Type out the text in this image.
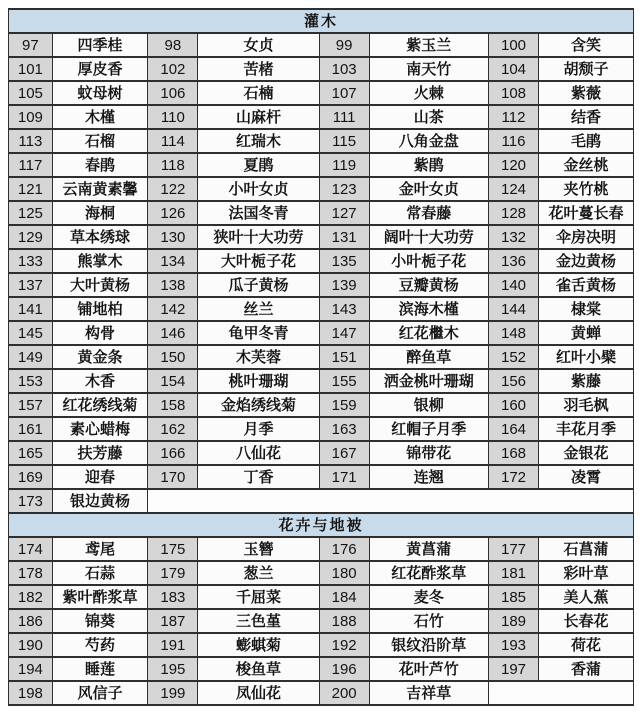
灌木							
97	四季桂	98	女贞	99	紫玉兰	100	含笑
101	厚皮香	102	苦楮	103	南天竹	104	胡颓子
105	蚊母树	106	石楠	107	火棘	108	紫薇
109	木槿	110	山麻杆	111	山茶	112	结香
113	石榴	114	红瑞木	115	八角金盘	116	毛鹃
117	春鹃	118	夏鹃	119	紫鹃	120	金丝桃
121	云南黄素馨	122	小叶女贞	123	金叶女贞	124	夹竹桃
125	海桐	126	法国冬青	127	常春藤	128	花叶蔓长春
129	草本绣球	130	狭叶十大功劳	131	阔叶十大功劳	132	伞房决明
133	熊掌木	134	大叶栀子花	135	小叶栀子花	136	金边黄杨
137	大叶黄杨	138	瓜子黄杨	139	豆瓣黄杨	140	雀舌黄杨
141	铺地柏	142	丝兰	143	滨海木槿	144	棣棠
145	构骨	146	龟甲冬青	147	红花檵木	148	黄蝉
149	黄金条	150	木芙蓉	151	醉鱼草	152	红叶小檗
153	木香	154	桃叶珊瑚	155	洒金桃叶珊瑚	156	紫藤
157	红花绣线菊	158	金焰绣线菊	159	银柳	160	羽毛枫
161	素心蜡梅	162	月季	163	红帽子月季	164	丰花月季
165	扶芳藤	166	八仙花	167	锦带花	168	金银花
169	迎春	170	丁香	171	连翘	172	凌霄
173	银边黄杨						
花卉与地被							
174	鸢尾	175	玉簪	176	黄菖蒲	177	石菖蒲
178	石蒜	179	葱兰	180	红花酢浆草	181	彩叶草
182	紫叶酢浆草	183	千屈菜	184	麦冬	185	美人蕉
186	锦葵	187	三色堇	188	石竹	189	长春花
190	芍药	191	蟛蜞菊	192	银纹沿阶草	193	荷花
194	睡莲	195	梭鱼草	196	花叶芦竹	197	香蒲
198	风信子	199	凤仙花	200	吉祥草		
